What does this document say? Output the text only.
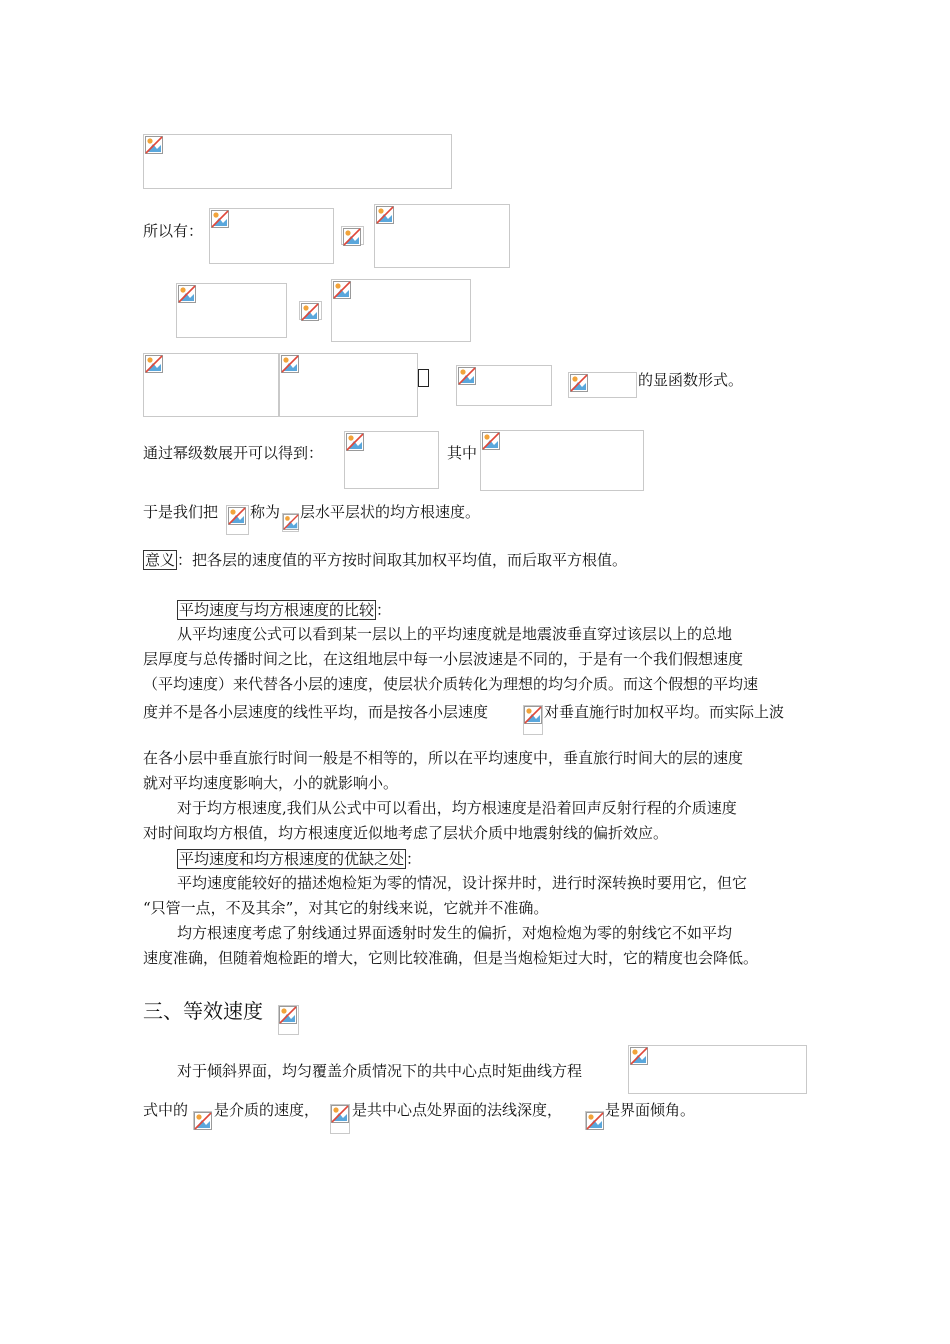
所以有：
的显函数形式。
通过幂级数展开可以得到：	其中
于是我们把 称为 层水平层状的均方根速度。
意义 ：把各层的速度值的平方按时间取其加权平均值，而后取平方根值。
平均速度与均方根速度的比较 ：
从平均速度公式可以看到某一层以上的平均速度就是地震波垂直穿过该层以上的总地
层厚度与总传播时间之比，在这组地层中每一小层波速是不同的，于是有一个我们假想速度
（平均速度）来代替各小层的速度，使层状介质转化为理想的均匀介质。而这个假想的平均速
度并不是各小层速度的线性平均，而是按各小层速度	对垂直施行时加权平均。而实际上波
在各小层中垂直旅行时间一般是不相等的，所以在平均速度中，垂直旅行时间大的层的速度
就对平均速度影响大，小的就影响小。
对于均方根速度,我们从公式中可以看出，均方根速度是沿着回声反射行程的介质速度
对时间取均方根值，均方根速度近似地考虑了层状介质中地震射线的偏折效应。
平均速度和均方根速度的优缺之处 ：
平均速度能较好的描述炮检矩为零的情况，设计探井时，进行时深转换时要用它，但它
“只管一点，不及其余”，对其它的射线来说，它就并不准确。
均方根速度考虑了射线通过界面透射时发生的偏折，对炮检炮为零的射线它不如平均
速度准确，但随着炮检距的增大，它则比较准确，但是当炮检矩过大时，它的精度也会降低。
三、等效速度
对于倾斜界面，均匀覆盖介质情况下的共中心点时矩曲线方程
式中的 是介质的速度， 是共中心点处界面的法线深度，	是界面倾角。
